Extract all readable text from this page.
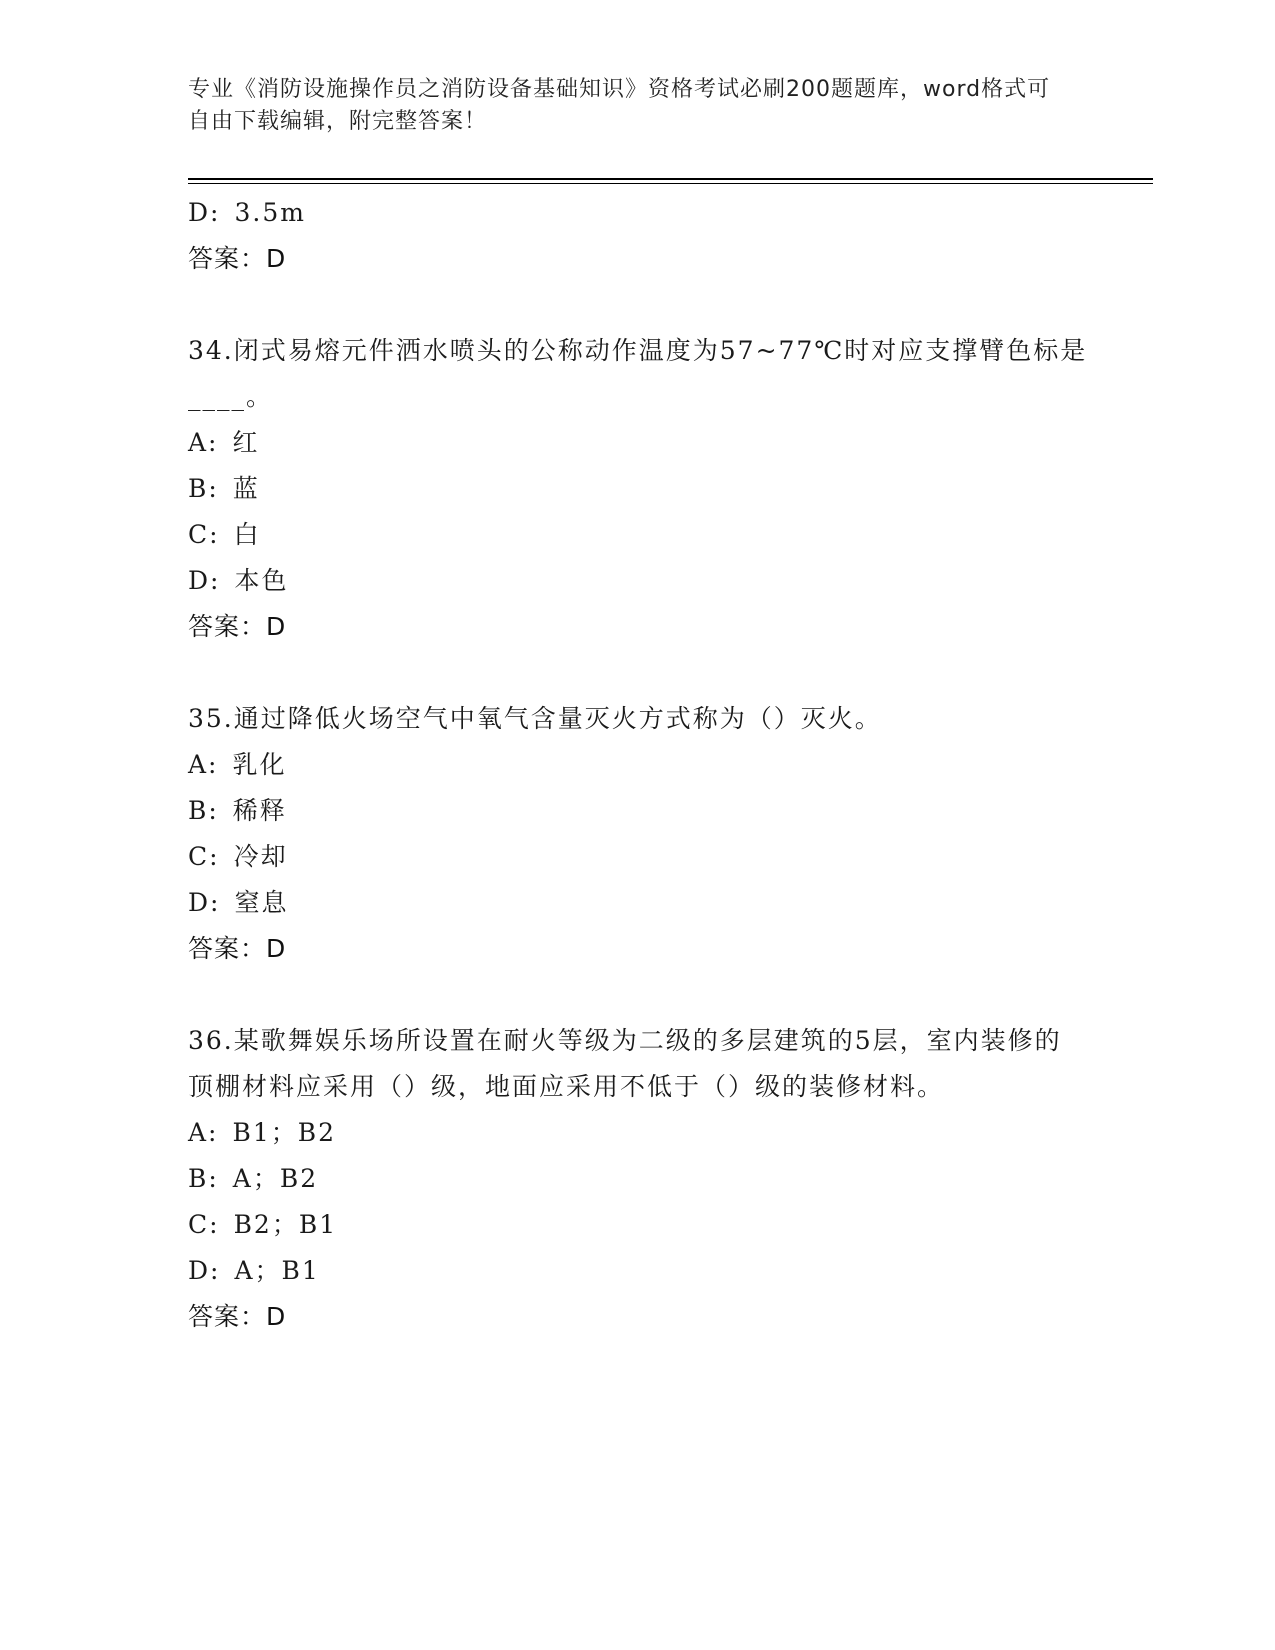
专业《消防设施操作员之消防设备基础知识》资格考试必刷200题题库，word格式可自由下载编辑，附完整答案！
D: 3.5m
答案：D
34.闭式易熔元件洒水喷头的公称动作温度为57~77℃时对应支撑臂色标是____。
A: 红
B: 蓝
C: 白
D: 本色
答案：D
35.通过降低火场空气中氧气含量灭火方式称为（）灭火。
A: 乳化
B: 稀释
C: 冷却
D: 窒息
答案：D
36.某歌舞娱乐场所设置在耐火等级为二级的多层建筑的5层，室内装修的顶棚材料应采用（）级，地面应采用不低于（）级的装修材料。
A: B1；B2
B: A；B2
C: B2；B1
D: A；B1
答案：D
